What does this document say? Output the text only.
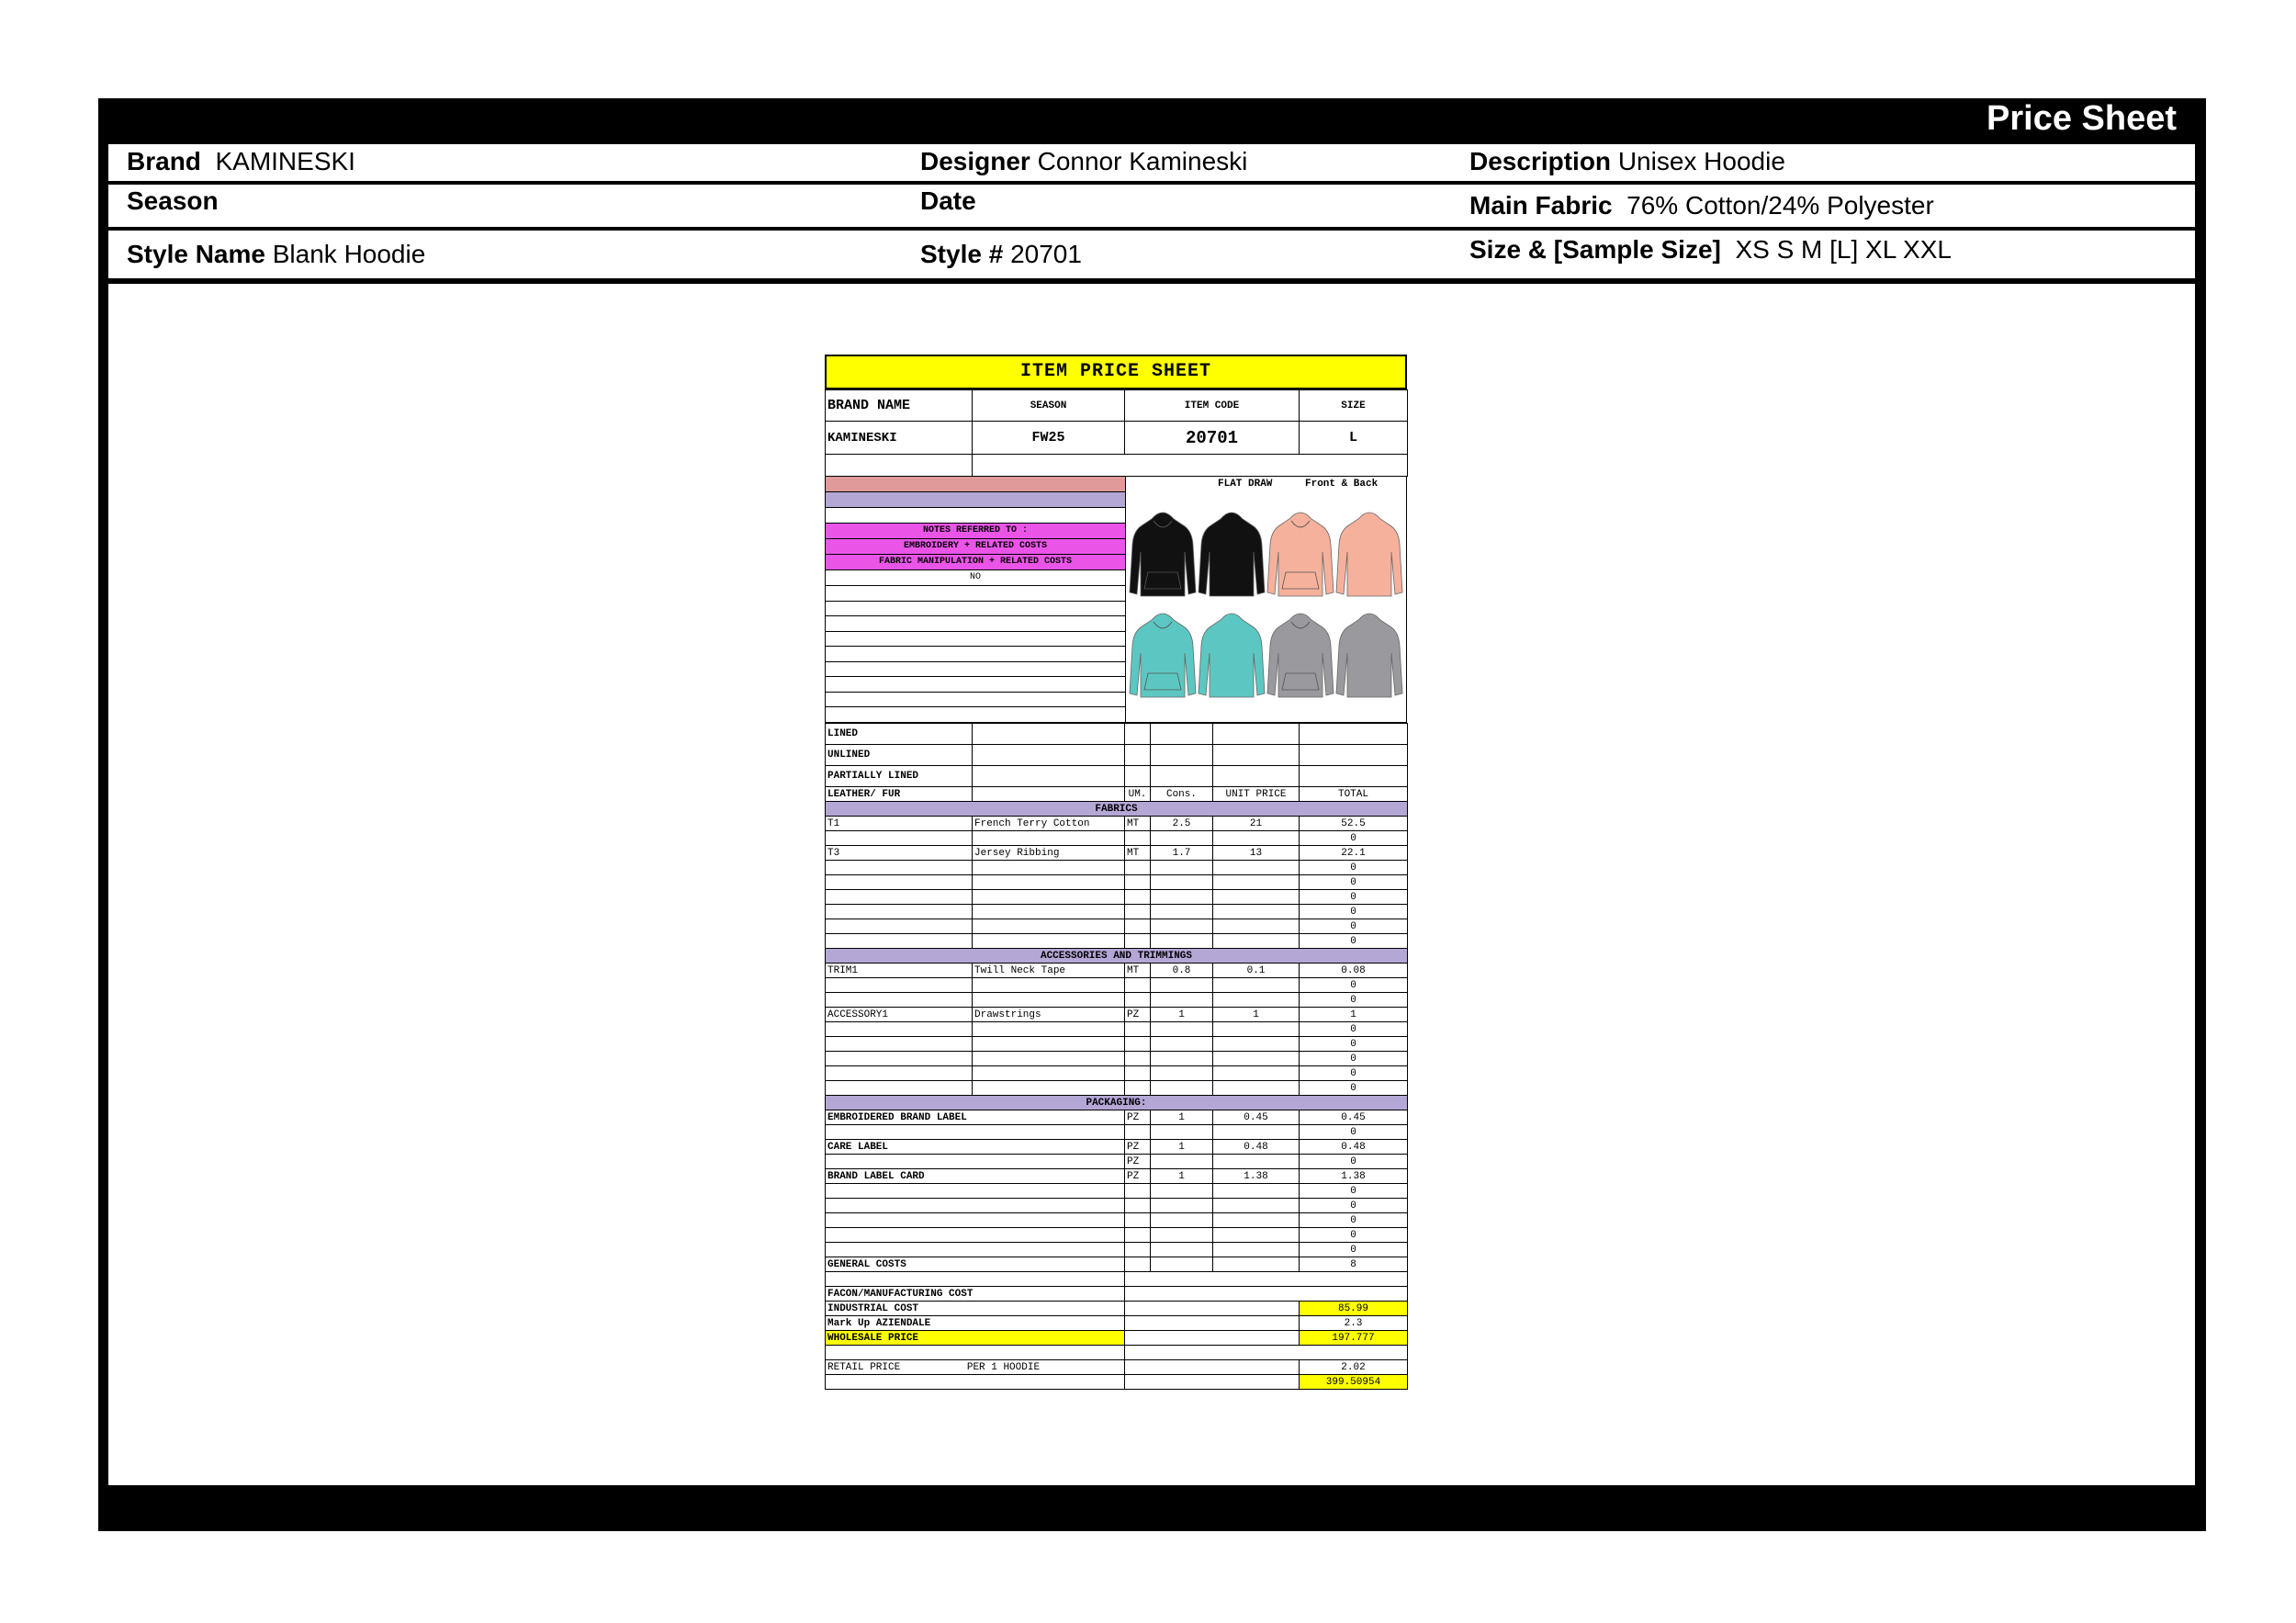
Price Sheet
Brand KAMINESKI	Designer Connor Kamineski	Description Unisex Hoodie
Season	Date	Main Fabric 76% Cotton/24% Polyester
Style Name Blank Hoodie	Style # 20701	Size & [Sample Size] XS S M [L] XL XXL
ITEM PRICE SHEET
BRAND NAME	SEASON	ITEM CODE	SIZE
KAMINESKI	FW25	20701	L

NOTES REFERRED TO :
EMBROIDERY + RELATED COSTS
FABRIC MANIPULATION + RELATED COSTS
NO
FLAT DRAW	Front & Back
LINED					
UNLINED					
PARTIALLY LINED					
LEATHER/ FUR		UM.	Cons.	UNIT PRICE	TOTAL
FABRICS					
T1	French Terry Cotton	MT	2.5	21	52.5
					0
T3	Jersey Ribbing	MT	1.7	13	22.1
					0
					0
					0
					0
					0
					0
ACCESSORIES AND TRIMMINGS					
TRIM1	Twill Neck Tape	MT	0.8	0.1	0.08
					0
					0
ACCESSORY1	Drawstrings	PZ	1	1	1
					0
					0
					0
					0
					0
PACKAGING:					
EMBROIDERED BRAND LABEL		PZ	1	0.45	0.45
					0
CARE LABEL		PZ	1	0.48	0.48
		PZ			0
BRAND LABEL CARD		PZ	1	1.38	1.38
					0
					0
					0
					0
					0
GENERAL COSTS					8

FACON/MANUFACTURING COST					
INDUSTRIAL COST					85.99
Mark Up AZIENDALE					2.3
WHOLESALE PRICE					197.777

RETAIL PRICE PER 1 HOODIE					2.02
					399.50954
